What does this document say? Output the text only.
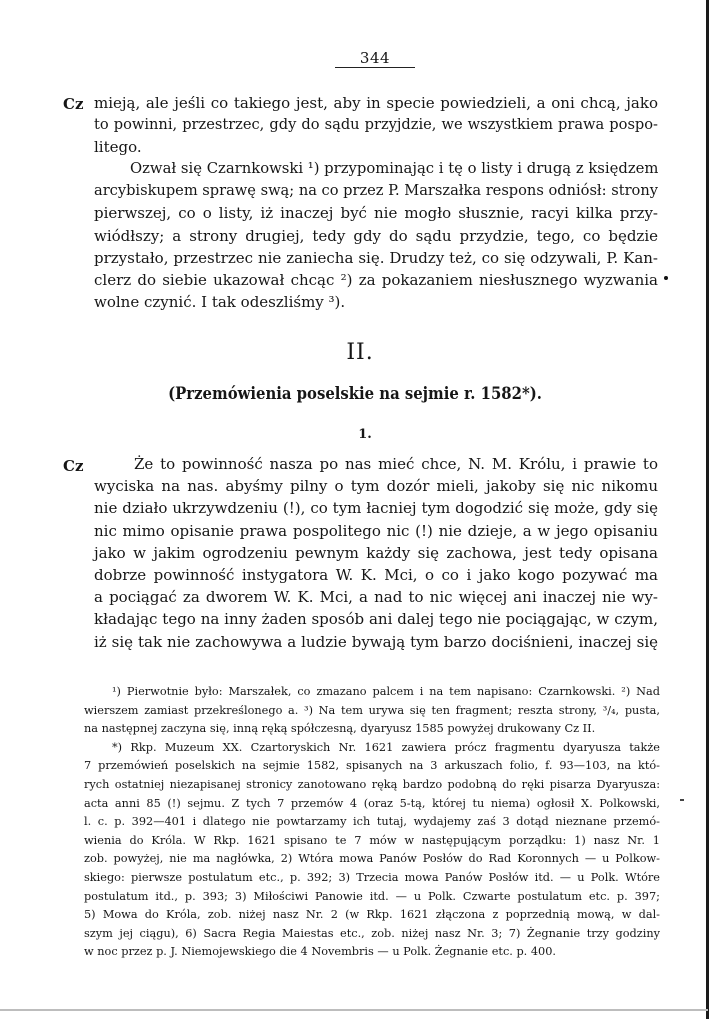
344
Cz mieją, ale jeśli co takiego jest, aby in specie powiedzieli, a oni chcą, jako
to powinni, przestrzec, gdy do sądu przyjdzie, we wszystkiem prawa pospo-
litego.
Ozwał się Czarnkowski ¹) przypominając i tę o listy i drugą z księdzem
arcybiskupem sprawę swą; na co przez P. Marszałka respons odniósł: strony
pierwszej, co o listy, iż inaczej być nie mogło słusznie, racyi kilka przy-
wiódłszy; a strony drugiej, tedy gdy do sądu przydzie, tego, co będzie
przystało, przestrzec nie zaniecha się. Drudzy też, co się odzywali, P. Kan-
clerz do siebie ukazował chcąc ²) za pokazaniem niesłusznego wyzwania
wolne czynić. I tak odeszliśmy ³).
II.
(Przemówienia poselskie na sejmie r. 1582*).
1.
Cz	Że to powinność nasza po nas mieć chce, N. M. Królu, i prawie to
wyciska na nas. abyśmy pilny o tym dozór mieli, jakoby się nic nikomu
nie działo ukrzywdzeniu (!), co tym łacniej tym dogodzić się może, gdy się
nic mimo opisanie prawa pospolitego nic (!) nie dzieje, a w jego opisaniu
jako w jakim ogrodzeniu pewnym każdy się zachowa, jest tedy opisana
dobrze powinność instygatora W. K. Mci, o co i jako kogo pozywać ma
a pociągać za dworem W. K. Mci, a nad to nic więcej ani inaczej nie wy-
kładając tego na inny żaden sposób ani dalej tego nie pociągając, w czym,
iż się tak nie zachowywa a ludzie bywają tym barzo dociśnieni, inaczej się
¹) Pierwotnie było: Marszałek, co zmazano palcem i na tem napisano: Czarnkowski. ²) Nad
wierszem zamiast przekreślonego a. ³) Na tem urywa się ten fragment; reszta strony, ³/₄, pusta,
na następnej zaczyna się, inną ręką spółczesną, dyaryusz 1585 powyżej drukowany Cz II.
*) Rkp. Muzeum XX. Czartoryskich Nr. 1621 zawiera prócz fragmentu dyaryusza także
7 przemówień poselskich na sejmie 1582, spisanych na 3 arkuszach folio, f. 93—103, na któ-
rych ostatniej niezapisanej stronicy zanotowano ręką bardzo podobną do ręki pisarza Dyaryusza:
acta anni 85 (!) sejmu. Z tych 7 przemów 4 (oraz 5-tą, której tu niema) ogłosił X. Polkowski,
l. c. p. 392—401 i dlatego nie powtarzamy ich tutaj, wydajemy zaś 3 dotąd nieznane przemó-
wienia do Króla. W Rkp. 1621 spisano te 7 mów w następującym porządku: 1) nasz Nr. 1
zob. powyżej, nie ma nagłówka, 2) Wtóra mowa Panów Posłów do Rad Koronnych — u Polkow-
skiego: pierwsze postulatum etc., p. 392; 3) Trzecia mowa Panów Posłów itd. — u Polk. Wtóre
postulatum itd., p. 393; 3) Miłościwi Panowie itd. — u Polk. Czwarte postulatum etc. p. 397;
5) Mowa do Króla, zob. niżej nasz Nr. 2 (w Rkp. 1621 złączona z poprzednią mową, w dal-
szym jej ciągu), 6) Sacra Regia Maiestas etc., zob. niżej nasz Nr. 3; 7) Żegnanie trzy godziny
w noc przez p. J. Niemojewskiego die 4 Novembris — u Polk. Żegnanie etc. p. 400.
